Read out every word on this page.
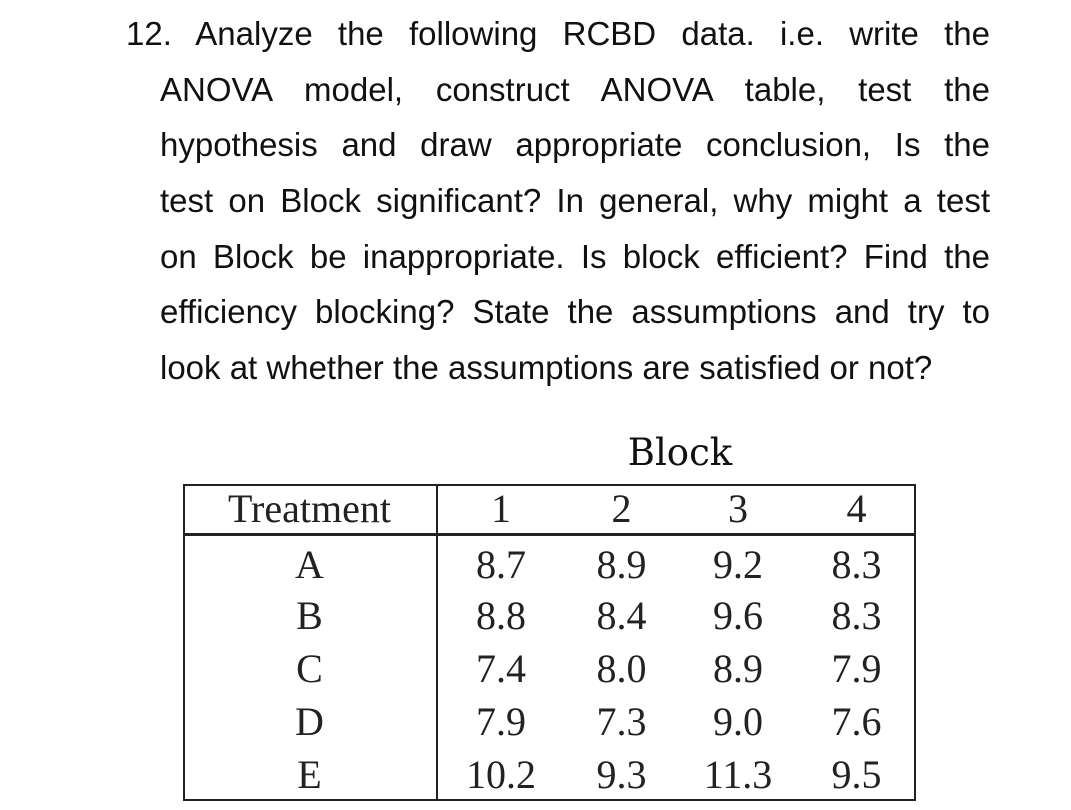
12. Analyze the following RCBD data. i.e. write the
ANOVA model, construct ANOVA table, test the
hypothesis and draw appropriate conclusion, Is the
test on Block significant? In general, why might a test
on Block be inappropriate. Is block efficient? Find the
efficiency blocking? State the assumptions and try to
look at whether the assumptions are satisfied or not?
Block
Treatment	1	2	3	4
A	8.7	8.9	9.2	8.3
B	8.8	8.4	9.6	8.3
C	7.4	8.0	8.9	7.9
D	7.9	7.3	9.0	7.6
E	10.2	9.3	11.3	9.5
